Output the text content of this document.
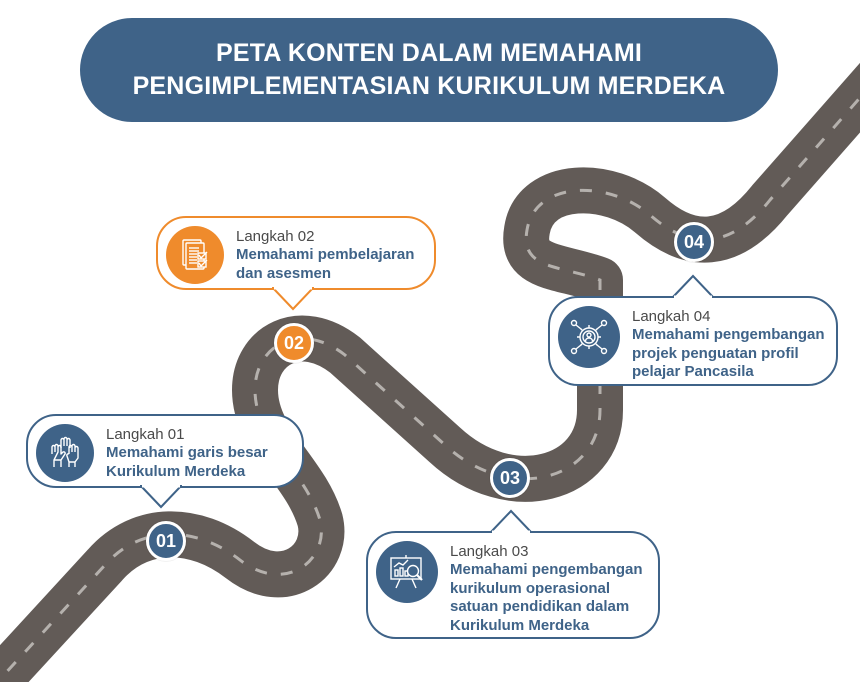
PETA KONTEN DALAM MEMAHAMI
PENGIMPLEMENTASIAN KURIKULUM MERDEKA
01
02
03
04
Langkah 02
Memahami pembelajaran
dan asesmen
Langkah 01
Memahami garis besar
Kurikulum Merdeka
Langkah 04
Memahami pengembangan
projek penguatan profil
pelajar Pancasila
Langkah 03
Memahami pengembangan
kurikulum operasional
satuan pendidikan dalam
Kurikulum Merdeka
